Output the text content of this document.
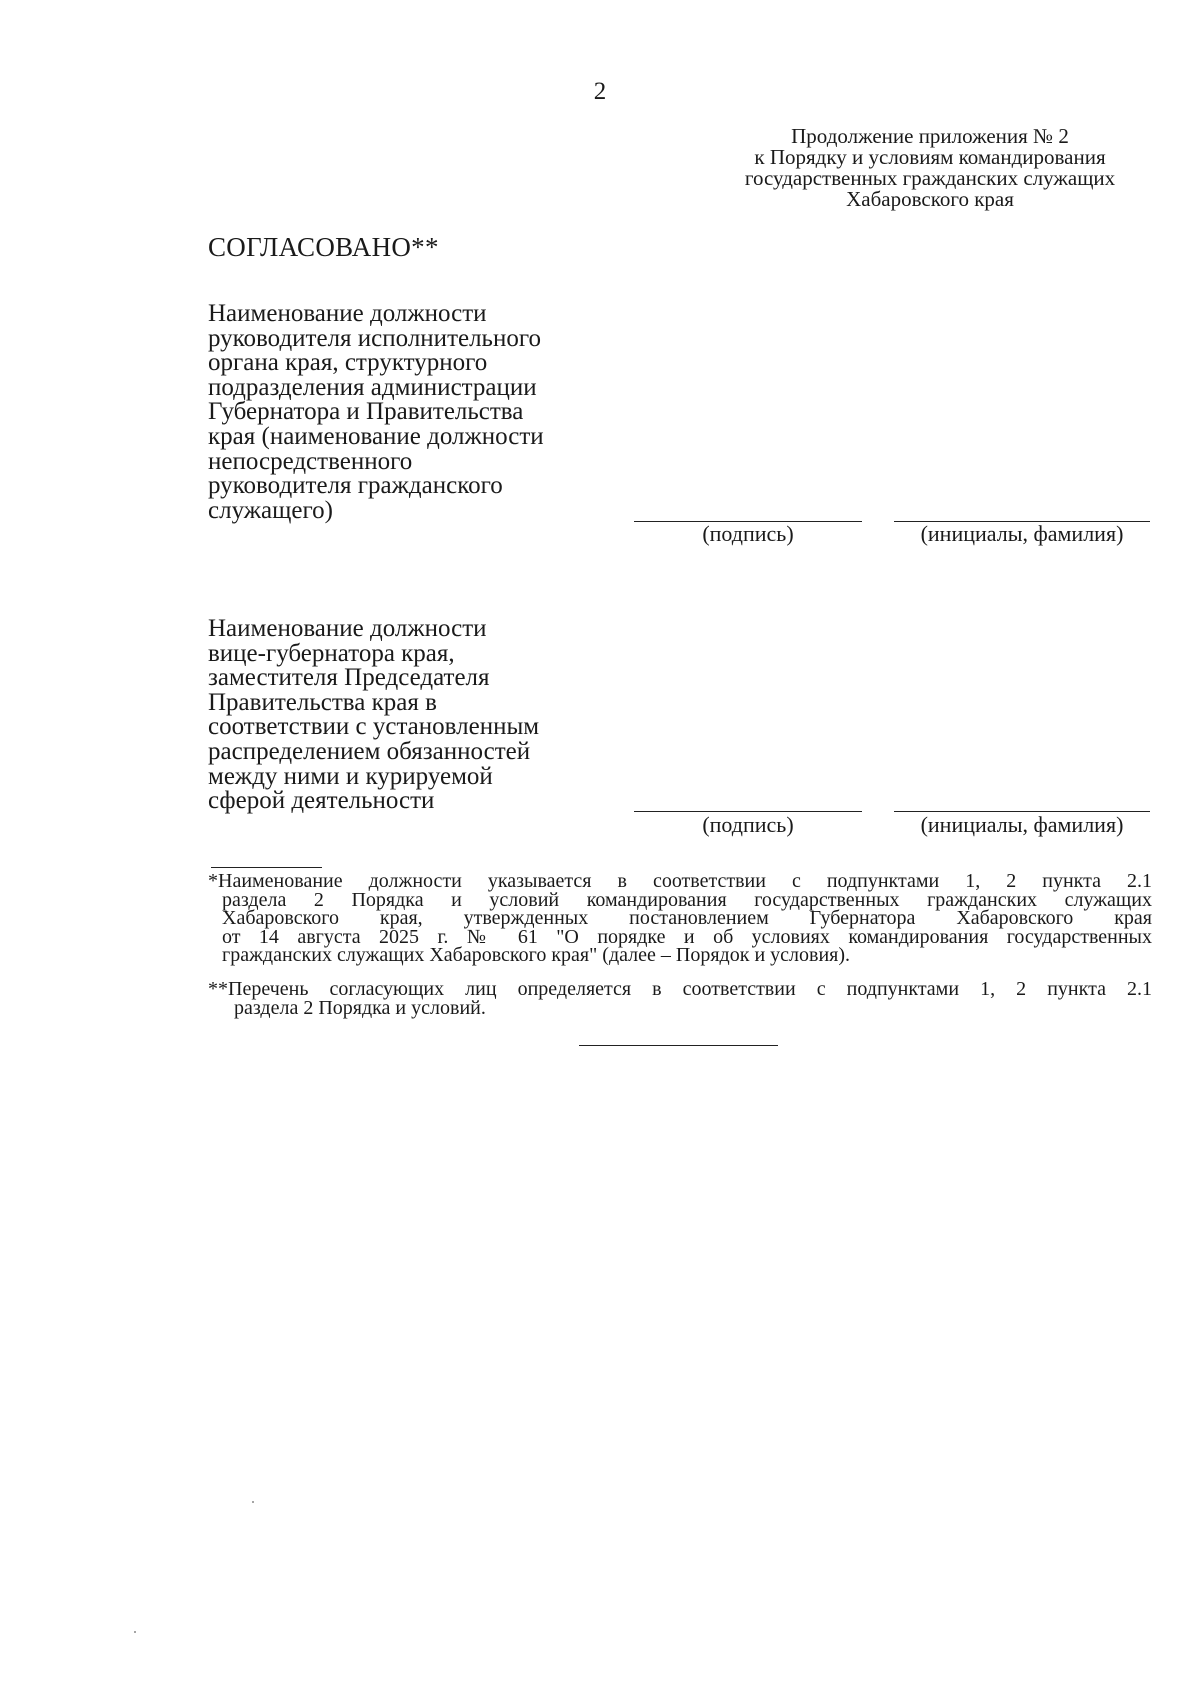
2
Продолжение приложения № 2
к Порядку и условиям командирования
государственных гражданских служащих
Хабаровского края
СОГЛАСОВАНО**
Наименование должности
руководителя исполнительного
органа края, структурного
подразделения администрации
Губернатора и Правительства
края (наименование должности
непосредственного
руководителя гражданского
служащего)
(подпись)	(инициалы, фамилия)
Наименование должности
вице-губернатора края,
заместителя Председателя
Правительства края в
соответствии с установленным
распределением обязанностей
между ними и курируемой
сферой деятельности
(подпись)	(инициалы, фамилия)
*Наименование должности указывается в соответствии с подпунктами 1, 2 пункта 2.1
раздела 2 Порядка и условий командирования государственных гражданских служащих
Хабаровского края, утвержденных постановлением Губернатора Хабаровского края
от 14 августа 2025 г. № 61 "О порядке и об условиях командирования государственных
гражданских служащих Хабаровского края" (далее – Порядок и условия).
**Перечень согласующих лиц определяется в соответствии с подпунктами 1, 2 пункта 2.1
раздела 2 Порядка и условий.
